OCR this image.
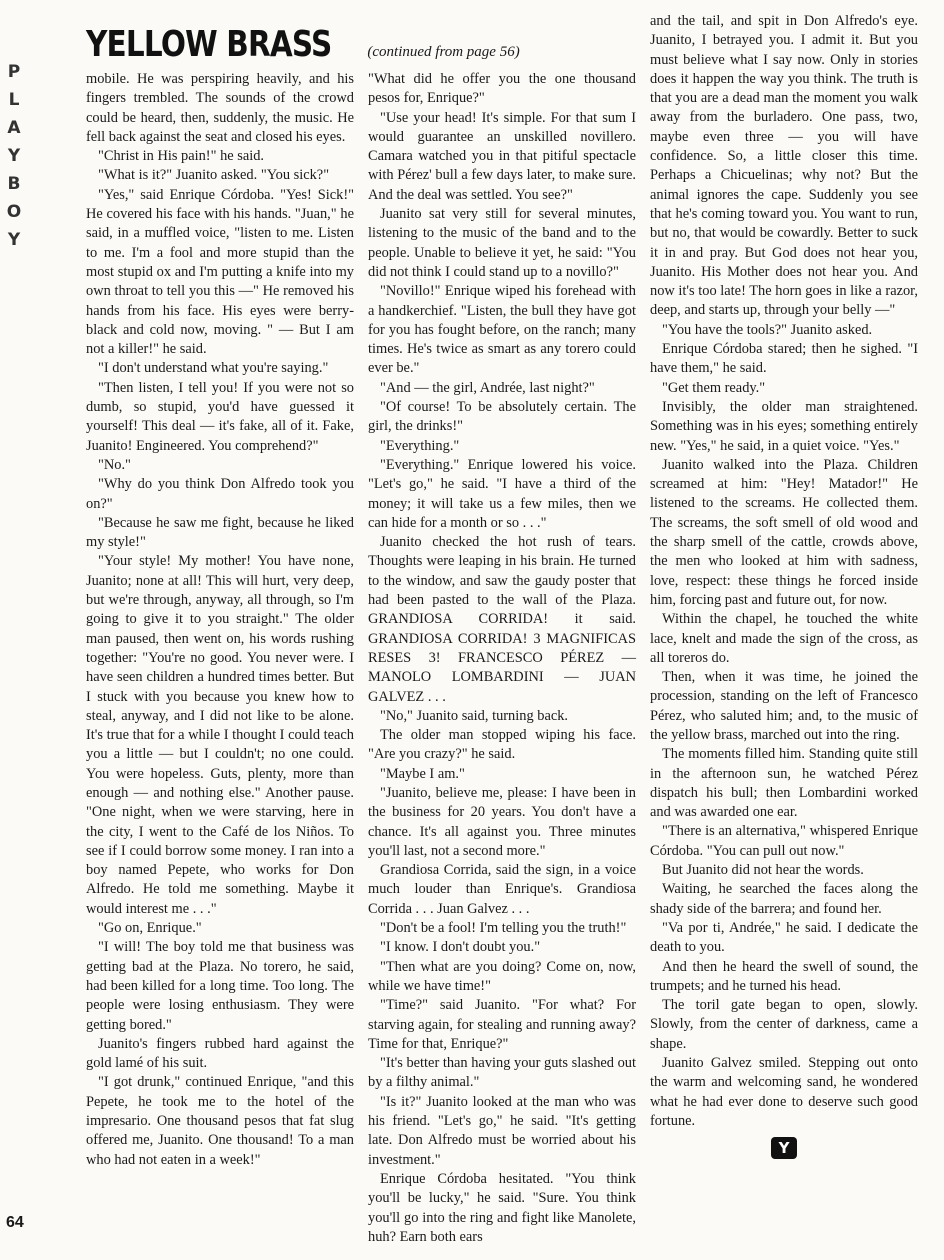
P
L
A
Y
B
O
Y
YELLOW BRASS (continued from page 56)

mobile. He was perspiring heavily, and his fingers trembled. The sounds of the crowd could be heard, then, suddenly, the music. He fell back against the seat and closed his eyes.

"Christ in His pain!" he said.

"What is it?" Juanito asked. "You sick?"

"Yes," said Enrique Córdoba. "Yes! Sick!" He covered his face with his hands. "Juan," he said, in a muffled voice, "listen to me. Listen to me. I'm a fool and more stupid than the most stupid ox and I'm putting a knife into my own throat to tell you this —" He removed his hands from his face. His eyes were berry-black and cold now, moving. " — But I am not a killer!" he said.

"I don't understand what you're saying."

"Then listen, I tell you! If you were not so dumb, so stupid, you'd have guessed it yourself! This deal — it's fake, all of it. Fake, Juanito! Engineered. You comprehend?"

"No."

"Why do you think Don Alfredo took you on?"

"Because he saw me fight, because he liked my style!"

"Your style! My mother! You have none, Juanito; none at all! This will hurt, very deep, but we're through, anyway, all through, so I'm going to give it to you straight." The older man paused, then went on, his words rushing together: "You're no good. You never were. I have seen children a hundred times better. But I stuck with you because you knew how to steal, anyway, and I did not like to be alone. It's true that for a while I thought I could teach you a little — but I couldn't; no one could. You were hopeless. Guts, plenty, more than enough — and nothing else." Another pause. "One night, when we were starving, here in the city, I went to the Café de los Niños. To see if I could borrow some money. I ran into a boy named Pepete, who works for Don Alfredo. He told me something. Maybe it would interest me . . ."

"Go on, Enrique."

"I will! The boy told me that business was getting bad at the Plaza. No torero, he said, had been killed for a long time. Too long. The people were losing enthusiasm. They were getting bored."

Juanito's fingers rubbed hard against the gold lamé of his suit.

"I got drunk," continued Enrique, "and this Pepete, he took me to the hotel of the impresario. One thousand pesos that fat slug offered me, Juanito. One thousand! To a man who had not eaten in a week!"

"What did he offer you the one thousand pesos for, Enrique?"

"Use your head! It's simple. For that sum I would guarantee an unskilled novillero. Camara watched you in that pitiful spectacle with Pérez' bull a few days later, to make sure. And the deal was settled. You see?"

Juanito sat very still for several minutes, listening to the music of the band and to the people. Unable to believe it yet, he said: "You did not think I could stand up to a novillo?"

"Novillo!" Enrique wiped his forehead with a handkerchief. "Listen, the bull they have got for you has fought before, on the ranch; many times. He's twice as smart as any torero could ever be."

"And — the girl, Andrée, last night?"

"Of course! To be absolutely certain. The girl, the drinks!"

"Everything."

"Everything." Enrique lowered his voice. "Let's go," he said. "I have a third of the money; it will take us a few miles, then we can hide for a month or so . . ."

Juanito checked the hot rush of tears. Thoughts were leaping in his brain. He turned to the window, and saw the gaudy poster that had been pasted to the wall of the Plaza. GRANDIOSA CORRIDA! it said. GRANDIOSA CORRIDA! 3 MAGNIFICAS RESES 3! FRANCESCO PÉREZ — MANOLO LOMBARDINI — JUAN GALVEZ . . .

"No," Juanito said, turning back.

The older man stopped wiping his face. "Are you crazy?" he said.

"Maybe I am."

"Juanito, believe me, please: I have been in the business for 20 years. You don't have a chance. It's all against you. Three minutes you'll last, not a second more."

Grandiosa Corrida, said the sign, in a voice much louder than Enrique's. Grandiosa Corrida . . . Juan Galvez . . .

"Don't be a fool! I'm telling you the truth!"

"I know. I don't doubt you."

"Then what are you doing? Come on, now, while we have time!"

"Time?" said Juanito. "For what? For starving again, for stealing and running away? Time for that, Enrique?"

"It's better than having your guts slashed out by a filthy animal."

"Is it?" Juanito looked at the man who was his friend. "Let's go," he said. "It's getting late. Don Alfredo must be worried about his investment."

Enrique Córdoba hesitated. "You think you'll be lucky," he said. "Sure. You think you'll go into the ring and fight like Manolete, huh? Earn both ears

and the tail, and spit in Don Alfredo's eye. Juanito, I betrayed you. I admit it. But you must believe what I say now. Only in stories does it happen the way you think. The truth is that you are a dead man the moment you walk away from the burladero. One pass, two, maybe even three — you will have confidence. So, a little closer this time. Perhaps a Chicuelinas; why not? But the animal ignores the cape. Suddenly you see that he's coming toward you. You want to run, but no, that would be cowardly. Better to suck it in and pray. But God does not hear you, Juanito. His Mother does not hear you. And now it's too late! The horn goes in like a razor, deep, and starts up, through your belly —"

"You have the tools?" Juanito asked.

Enrique Córdoba stared; then he sighed. "I have them," he said.

"Get them ready."

Invisibly, the older man straightened. Something was in his eyes; something entirely new. "Yes," he said, in a quiet voice. "Yes."

Juanito walked into the Plaza. Children screamed at him: "Hey! Matador!" He listened to the screams. He collected them. The screams, the soft smell of old wood and the sharp smell of the cattle, crowds above, the men who looked at him with sadness, love, respect: these things he forced inside him, forcing past and future out, for now.

Within the chapel, he touched the white lace, knelt and made the sign of the cross, as all toreros do.

Then, when it was time, he joined the procession, standing on the left of Francesco Pérez, who saluted him; and, to the music of the yellow brass, marched out into the ring.

The moments filled him. Standing quite still in the afternoon sun, he watched Pérez dispatch his bull; then Lombardini worked and was awarded one ear.

"There is an alternativa," whispered Enrique Córdoba. "You can pull out now."

But Juanito did not hear the words.

Waiting, he searched the faces along the shady side of the barrera; and found her.

"Va por ti, Andrée," he said. I dedicate the death to you.

And then he heard the swell of sound, the trumpets; and he turned his head.

The toril gate began to open, slowly. Slowly, from the center of darkness, came a shape.

Juanito Galvez smiled. Stepping out onto the warm and welcoming sand, he wondered what he had ever done to deserve such good fortune.

Y
64
